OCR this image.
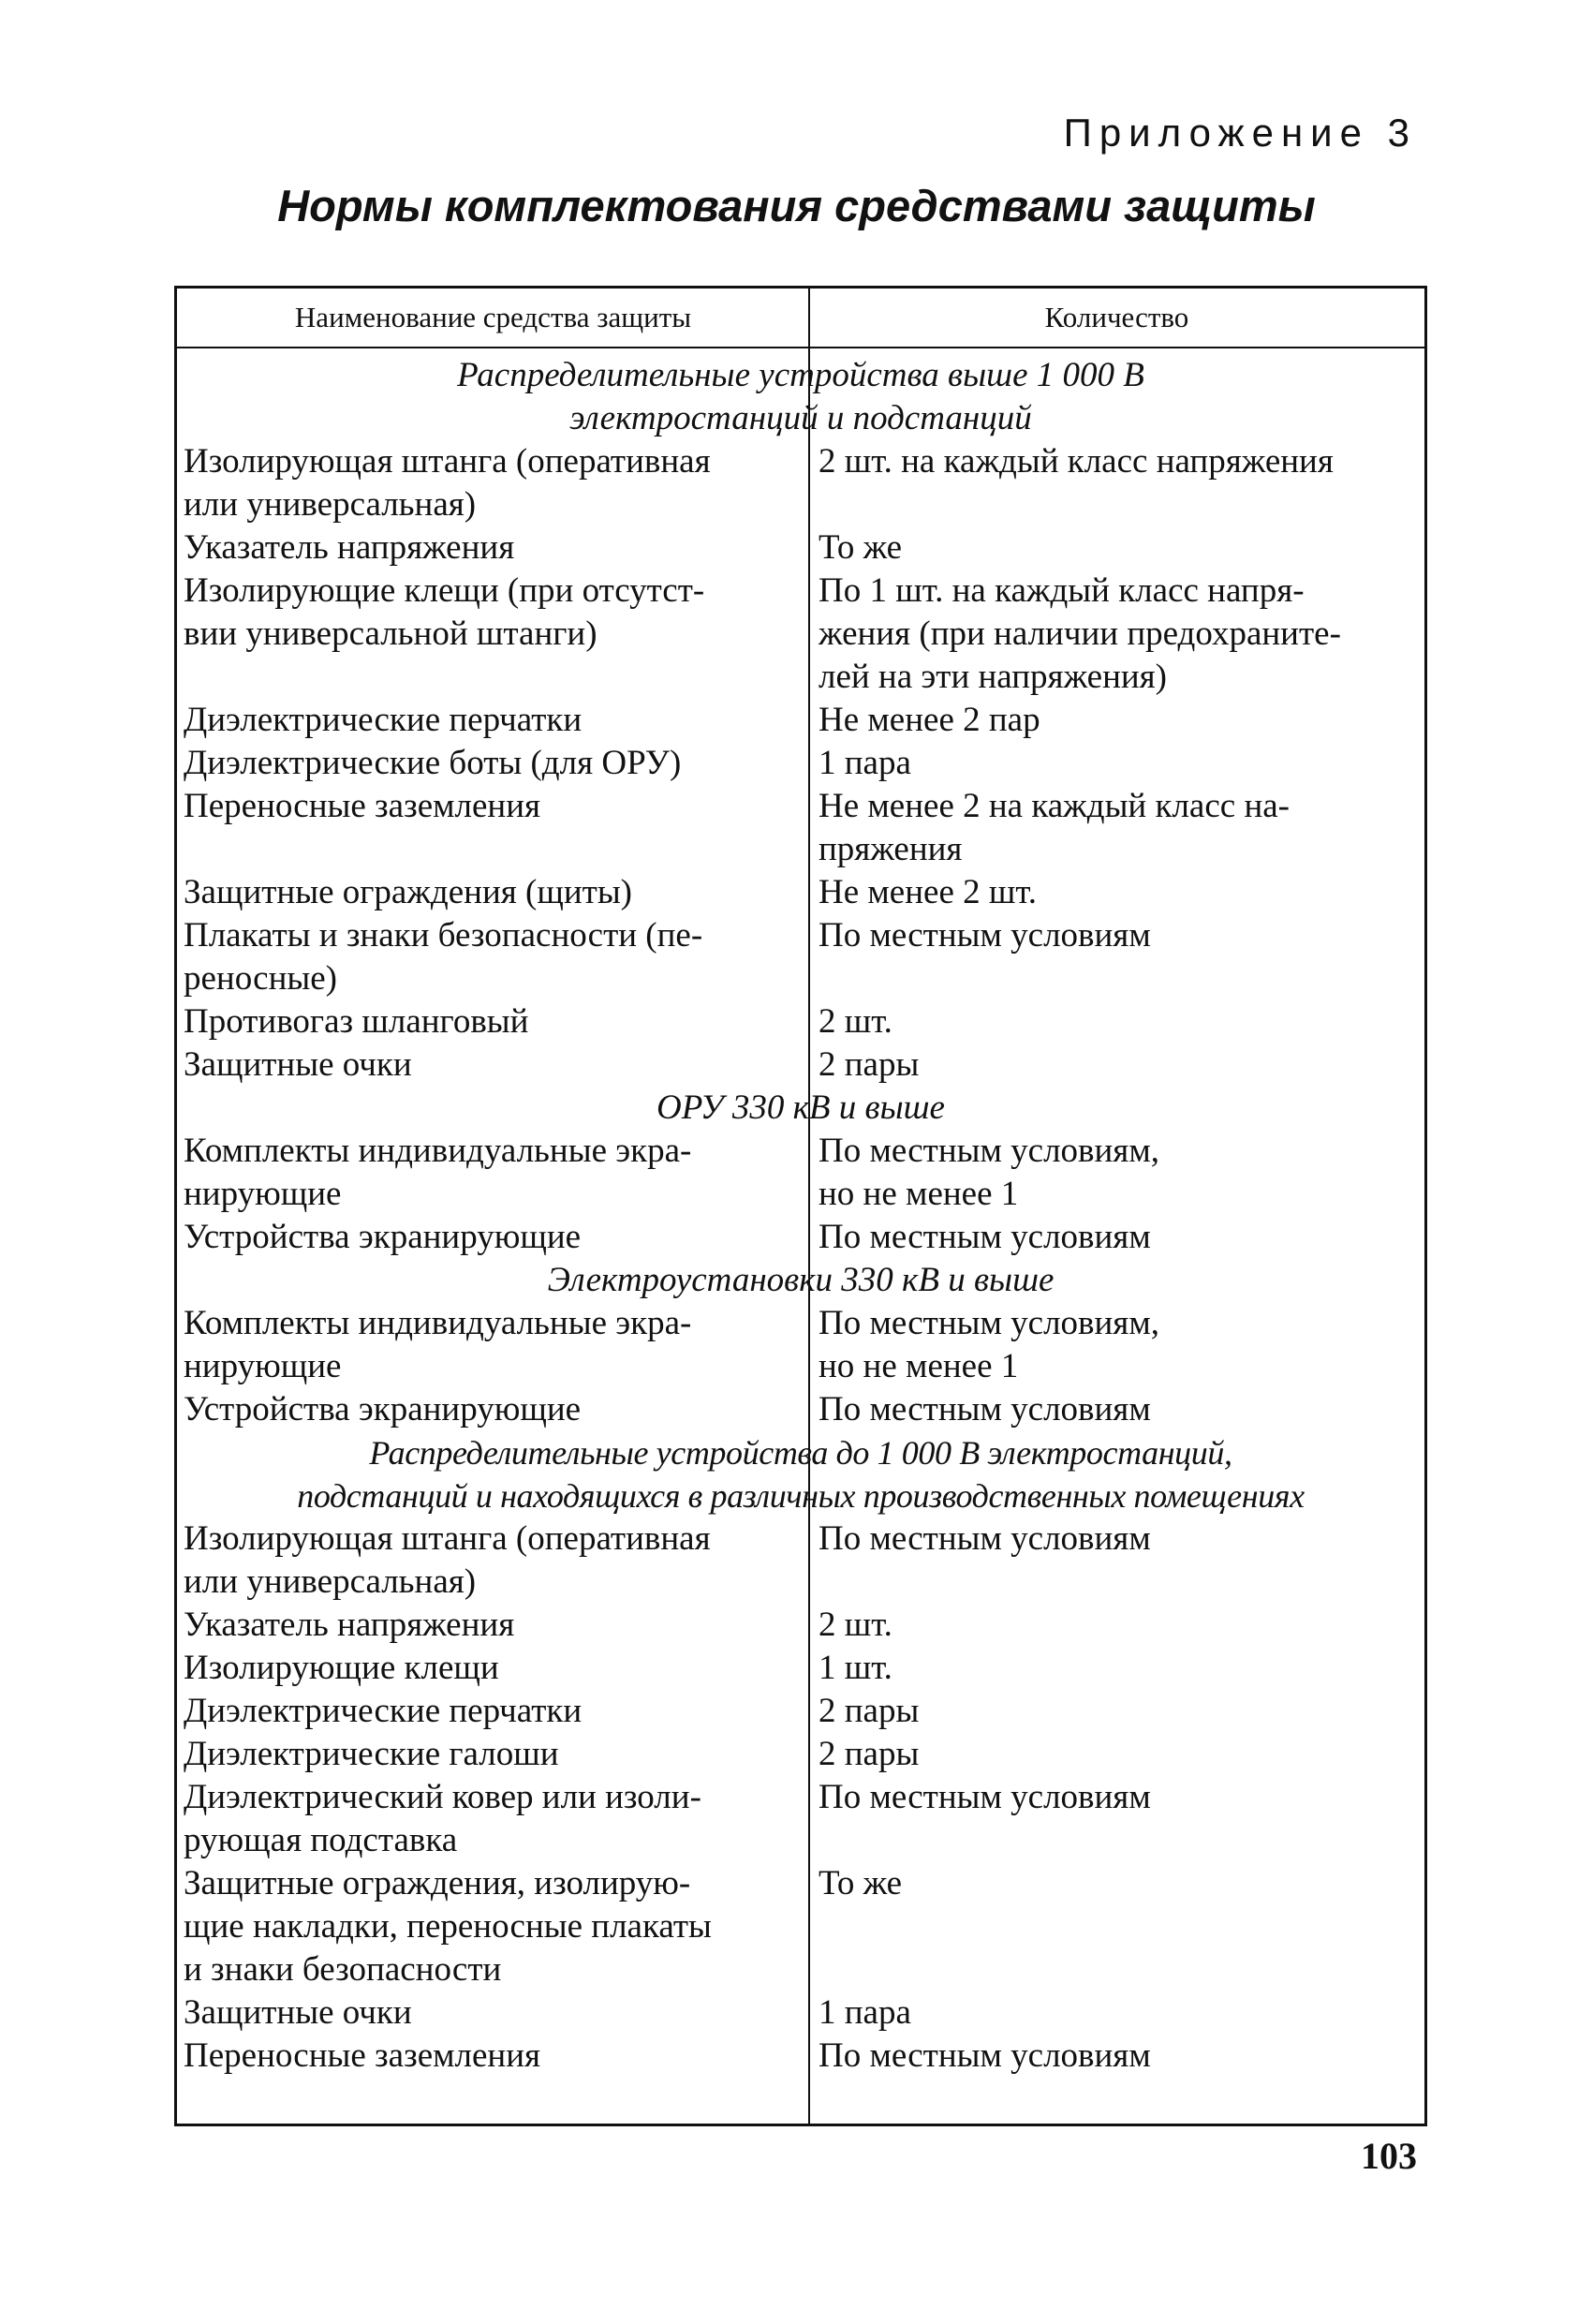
Приложение 3
Нормы комплектования средствами защиты
Наименование средства защиты	Количество
Распределительные устройства выше 1 000 В
электростанций и подстанций	
Изолирующая штанга (оперативная
или универсальная)	2 шт. на каждый класс напряжения
Указатель напряжения	То же
Изолирующие клещи (при отсутст-
вии универсальной штанги)	По 1 шт. на каждый класс напря-
жения (при наличии предохраните-
лей на эти напряжения)
Диэлектрические перчатки	Не менее 2 пар
Диэлектрические боты (для ОРУ)	1 пара
Переносные заземления	Не менее 2 на каждый класс на-
пряжения
Защитные ограждения (щиты)	Не менее 2 шт.
Плакаты и знаки безопасности (пе-
реносные)	По местным условиям
Противогаз шланговый	2 шт.
Защитные очки	2 пары
ОРУ 330 кВ и выше	
Комплекты индивидуальные экра-
нирующие	По местным условиям,
но не менее 1
Устройства экранирующие	По местным условиям
Электроустановки 330 кВ и выше	
Комплекты индивидуальные экра-
нирующие	По местным условиям,
но не менее 1
Устройства экранирующие	По местным условиям
Распределительные устройства до 1 000 В электростанций,
подстанций и находящихся в различных производственных помещениях	
Изолирующая штанга (оперативная
или универсальная)	По местным условиям
Указатель напряжения	2 шт.
Изолирующие клещи	1 шт.
Диэлектрические перчатки	2 пары
Диэлектрические галоши	2 пары
Диэлектрический ковер или изоли-
рующая подставка	По местным условиям
Защитные ограждения, изолирую-
щие накладки, переносные плакаты
и знаки безопасности	То же
Защитные очки	1 пара
Переносные заземления	По местным условиям
103
